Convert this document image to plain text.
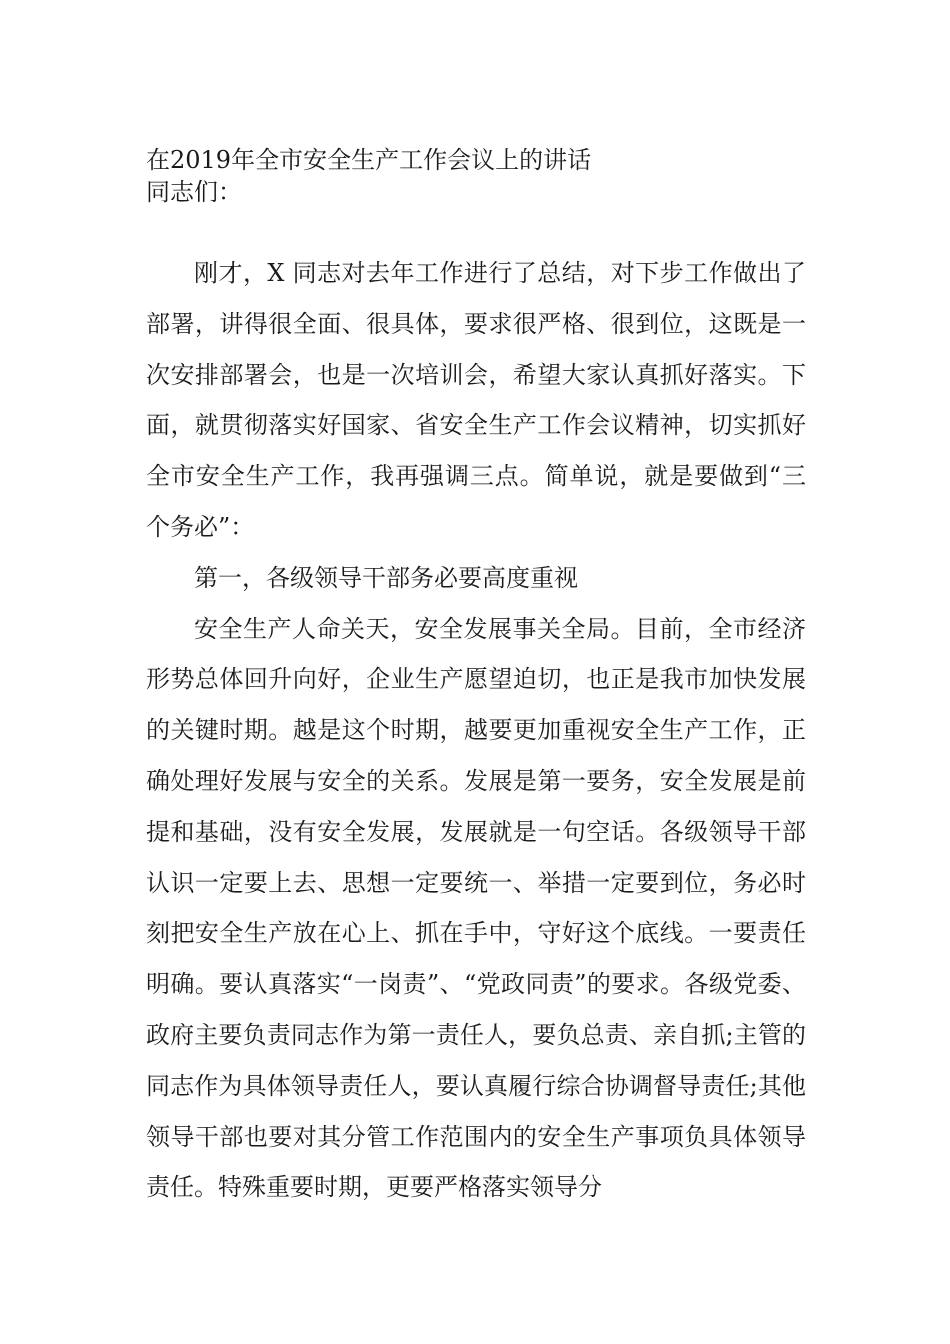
在2019年全市安全生产工作会议上的讲话
同志们：

刚才，X 同志对去年工作进行了总结，对下步工作做出了部署，讲得很全面、很具体，要求很严格、很到位，这既是一次安排部署会，也是一次培训会，希望大家认真抓好落实。下面，就贯彻落实好国家、省安全生产工作会议精神，切实抓好全市安全生产工作，我再强调三点。简单说，就是要做到“三个务必”：

第一，各级领导干部务必要高度重视

安全生产人命关天，安全发展事关全局。目前，全市经济形势总体回升向好，企业生产愿望迫切，也正是我市加快发展的关键时期。越是这个时期，越要更加重视安全生产工作，正确处理好发展与安全的关系。发展是第一要务，安全发展是前提和基础，没有安全发展，发展就是一句空话。各级领导干部认识一定要上去、思想一定要统一、举措一定要到位，务必时刻把安全生产放在心上、抓在手中，守好这个底线。一要责任明确。要认真落实“一岗责”、“党政同责”的要求。各级党委、政府主要负责同志作为第一责任人，要负总责、亲自抓;主管的同志作为具体领导责任人，要认真履行综合协调督导责任;其他领导干部也要对其分管工作范围内的安全生产事项负具体领导责任。特殊重要时期，更要严格落实领导分
